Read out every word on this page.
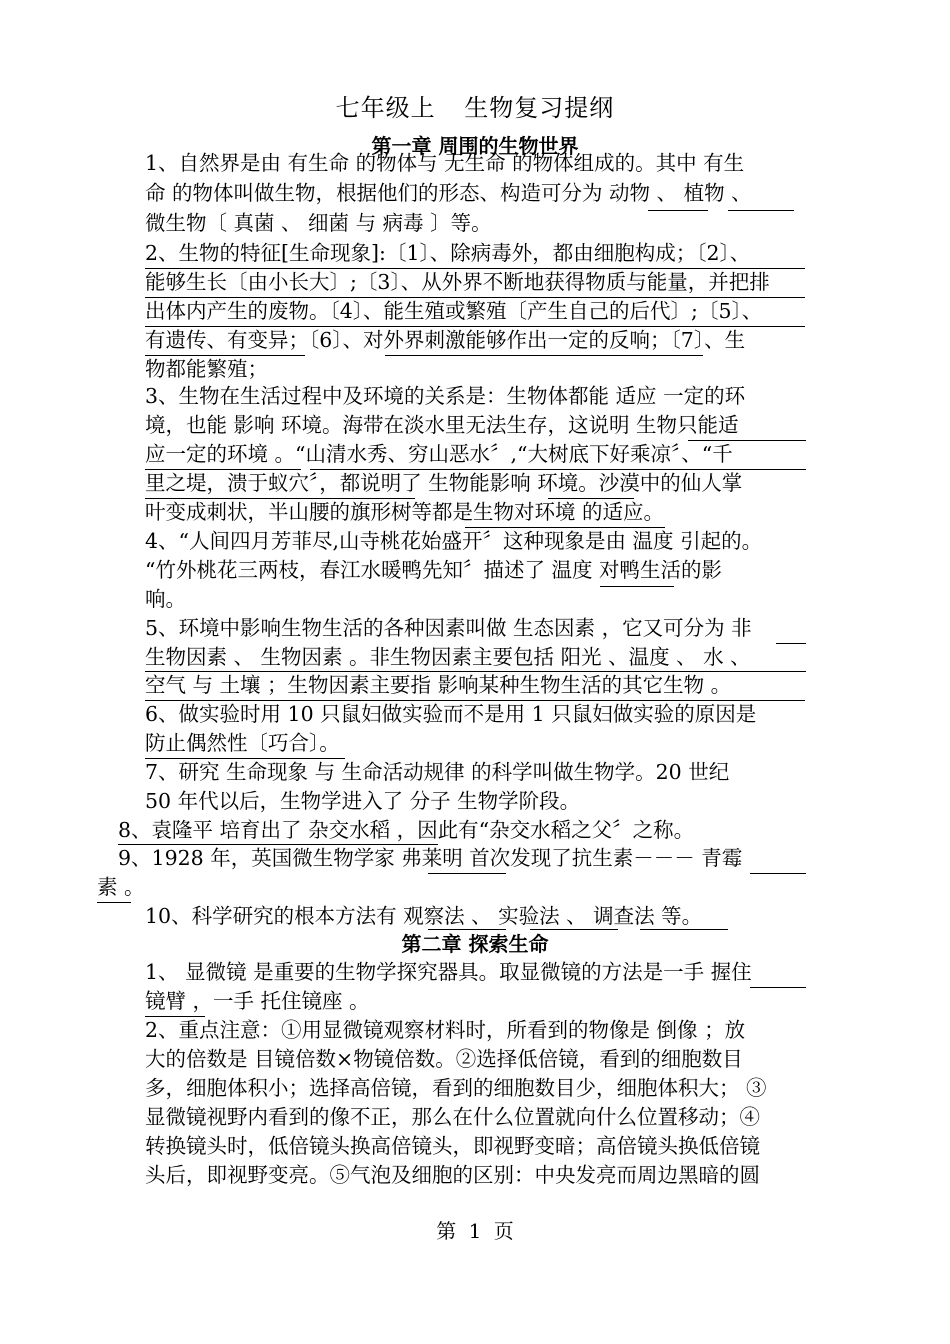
七年级上 生物复习提纲
第一章 周围的生物世界
1、自然界是由 有生命 的物体与 无生命 的物体组成的。其中 有生
命 的物体叫做生物，根据他们的形态、构造可分为 动物 、 植物 、
微生物〔 真菌 、 细菌 与 病毒 〕等。
2、生物的特征[生命现象]:〔1〕、除病毒外，都由细胞构成；〔2〕、
能够生长〔由小长大〕;〔3〕、从外界不断地获得物质与能量，并把排
出体内产生的废物。〔4〕、能生殖或繁殖〔产生自己的后代〕;〔5〕、
有遗传、有变异；〔6〕、对外界刺激能够作出一定的反响；〔7〕、生
物都能繁殖；
3、生物在生活过程中及环境的关系是：生物体都能 适应 一定的环
境，也能 影响 环境。海带在淡水里无法生存，这说明 生物只能适
应一定的环境 。“山清水秀、穷山恶水〞,“大树底下好乘凉〞、“千
里之堤，溃于蚁穴〞，都说明了 生物能影响 环境。沙漠中的仙人掌
叶变成刺状，半山腰的旗形树等都是生物对环境 的适应。
4、“人间四月芳菲尽,山寺桃花始盛开〞这种现象是由 温度 引起的。
“竹外桃花三两枝，春江水暖鸭先知〞描述了 温度 对鸭生活的影
响。
5、环境中影响生物生活的各种因素叫做 生态因素 ，它又可分为 非
生物因素 、 生物因素 。非生物因素主要包括 阳光 、温度 、 水 、
空气 与 土壤 ；生物因素主要指 影响某种生物生活的其它生物 。
6、做实验时用 10 只鼠妇做实验而不是用 1 只鼠妇做实验的原因是
防止偶然性〔巧合〕。
7、研究 生命现象 与 生命活动规律 的科学叫做生物学。20 世纪
50 年代以后，生物学进入了 分子 生物学阶段。
8、袁隆平 培育出了 杂交水稻 ，因此有“杂交水稻之父〞之称。
9、1928 年，英国微生物学家 弗莱明 首次发现了抗生素－－－ 青霉
素 。
10、科学研究的根本方法有 观察法 、 实验法 、 调查法 等。
第二章 探索生命
1、 显微镜 是重要的生物学探究器具。取显微镜的方法是一手 握住
镜臂 ，一手 托住镜座 。
2、重点注意：①用显微镜观察材料时，所看到的物像是 倒像 ；放
大的倍数是 目镜倍数×物镜倍数。②选择低倍镜，看到的细胞数目
多，细胞体积小；选择高倍镜，看到的细胞数目少，细胞体积大； ③
显微镜视野内看到的像不正，那么在什么位置就向什么位置移动；④
转换镜头时，低倍镜头换高倍镜头，即视野变暗；高倍镜头换低倍镜
头后，即视野变亮。⑤气泡及细胞的区别：中央发亮而周边黑暗的圆
第 1 页
